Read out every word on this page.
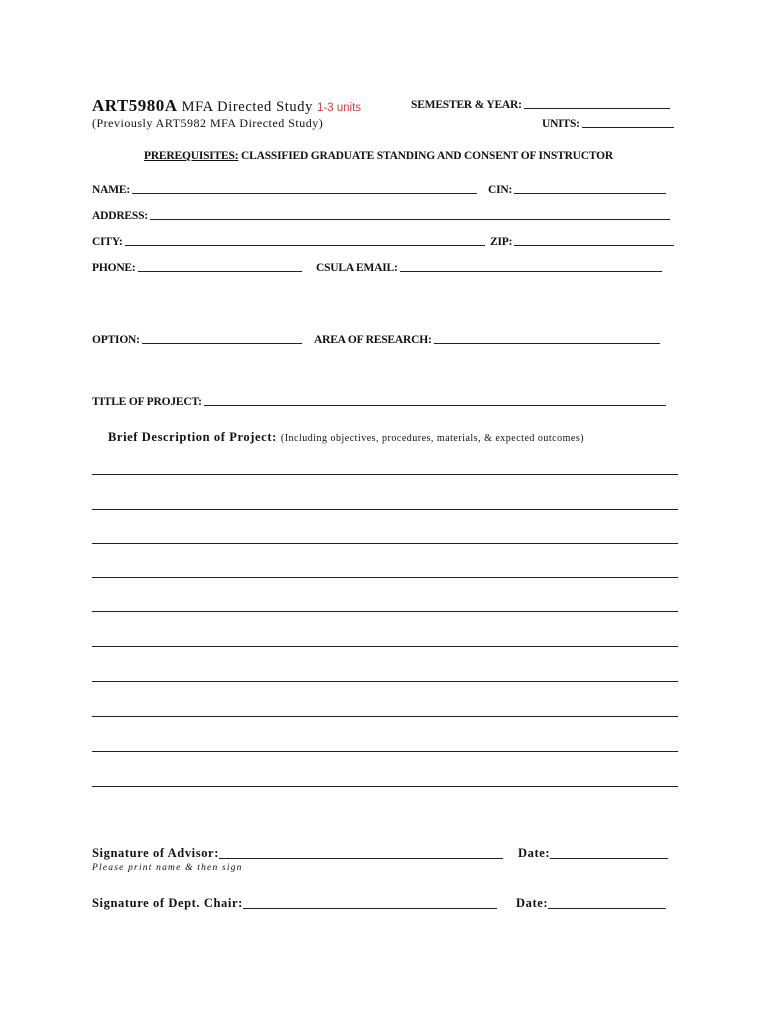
ART5980A MFA Directed Study 1-3 units
(Previously ART5982 MFA Directed Study)
SEMESTER & YEAR:
UNITS:
PREREQUISITES: CLASSIFIED GRADUATE STANDING AND CONSENT OF INSTRUCTOR
NAME:	CIN:
ADDRESS:
CITY:	ZIP:
PHONE:	CSULA EMAIL:
OPTION:	AREA OF RESEARCH:
TITLE OF PROJECT:
Brief Description of Project: (Including objectives, procedures, materials, & expected outcomes)
Signature of Advisor:	Date:
Please print name & then sign
Signature of Dept. Chair:	Date:
